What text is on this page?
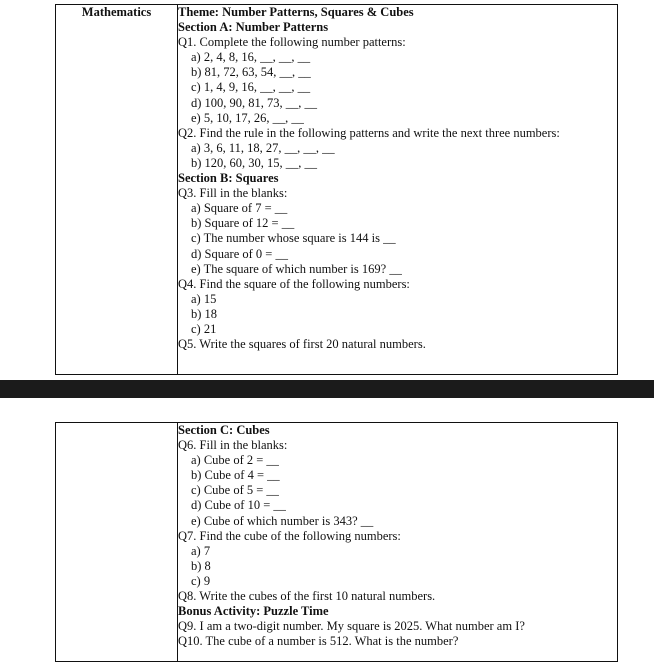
Mathematics	Theme: Number Patterns, Squares & Cubes
Section A: Number Patterns
Q1. Complete the following number patterns:
a) 2, 4, 8, 16, __, __, __
b) 81, 72, 63, 54, __, __
c) 1, 4, 9, 16, __, __, __
d) 100, 90, 81, 73, __, __
e) 5, 10, 17, 26, __, __
Q2. Find the rule in the following patterns and write the next three numbers:
a) 3, 6, 11, 18, 27, __, __, __
b) 120, 60, 30, 15, __, __
Section B: Squares
Q3. Fill in the blanks:
a) Square of 7 = __
b) Square of 12 = __
c) The number whose square is 144 is __
d) Square of 0 = __
e) The square of which number is 169? __
Q4. Find the square of the following numbers:
a) 15
b) 18
c) 21
Q5. Write the squares of first 20 natural numbers.

Section C: Cubes
Q6. Fill in the blanks:
a) Cube of 2 = __
b) Cube of 4 = __
c) Cube of 5 = __
d) Cube of 10 = __
e) Cube of which number is 343? __
Q7. Find the cube of the following numbers:
a) 7
b) 8
c) 9
Q8. Write the cubes of the first 10 natural numbers.
Bonus Activity: Puzzle Time
Q9. I am a two-digit number. My square is 2025. What number am I?
Q10. The cube of a number is 512. What is the number?
